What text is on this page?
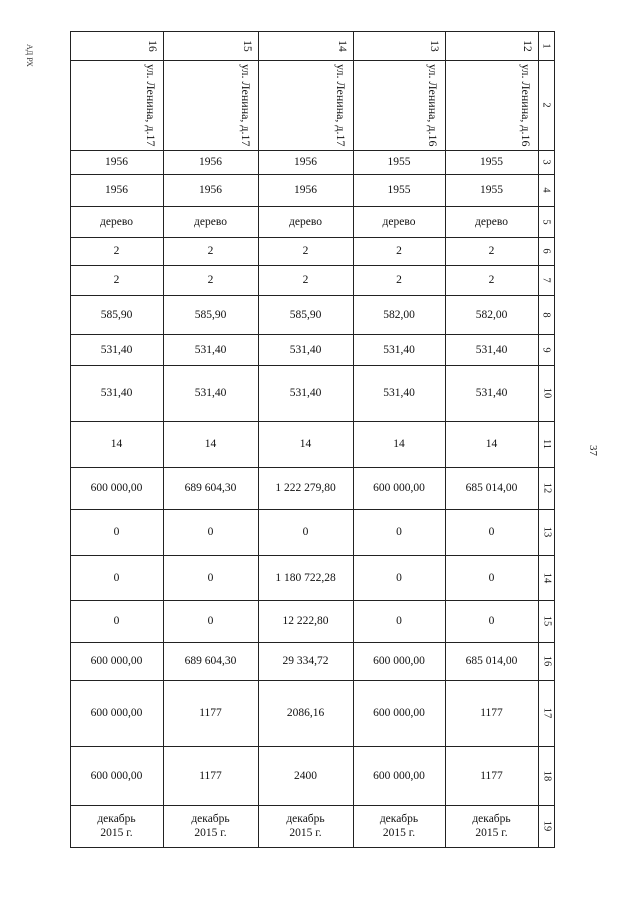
АД РХ
37
1
2
3
4
5
6
7
8
9
10
11
12
13
14
15
16
17
18
19
12
ул. Ленина, д.16
1955
1955
дерево
2
2
582,00
531,40
531,40
14
685 014,00
0
0
0
685 014,00
1177
1177
декабрь
2015 г.
13
ул. Ленина, д.16
1955
1955
дерево
2
2
582,00
531,40
531,40
14
600 000,00
0
0
0
600 000,00
600 000,00
600 000,00
декабрь
2015 г.
14
ул. Ленина, д.17
1956
1956
дерево
2
2
585,90
531,40
531,40
14
1 222 279,80
0
1 180 722,28
12 222,80
29 334,72
2086,16
2400
декабрь
2015 г.
15
ул. Ленина, д.17
1956
1956
дерево
2
2
585,90
531,40
531,40
14
689 604,30
0
0
0
689 604,30
1177
1177
декабрь
2015 г.
16
ул. Ленина, д.17
1956
1956
дерево
2
2
585,90
531,40
531,40
14
600 000,00
0
0
0
600 000,00
600 000,00
600 000,00
декабрь
2015 г.
